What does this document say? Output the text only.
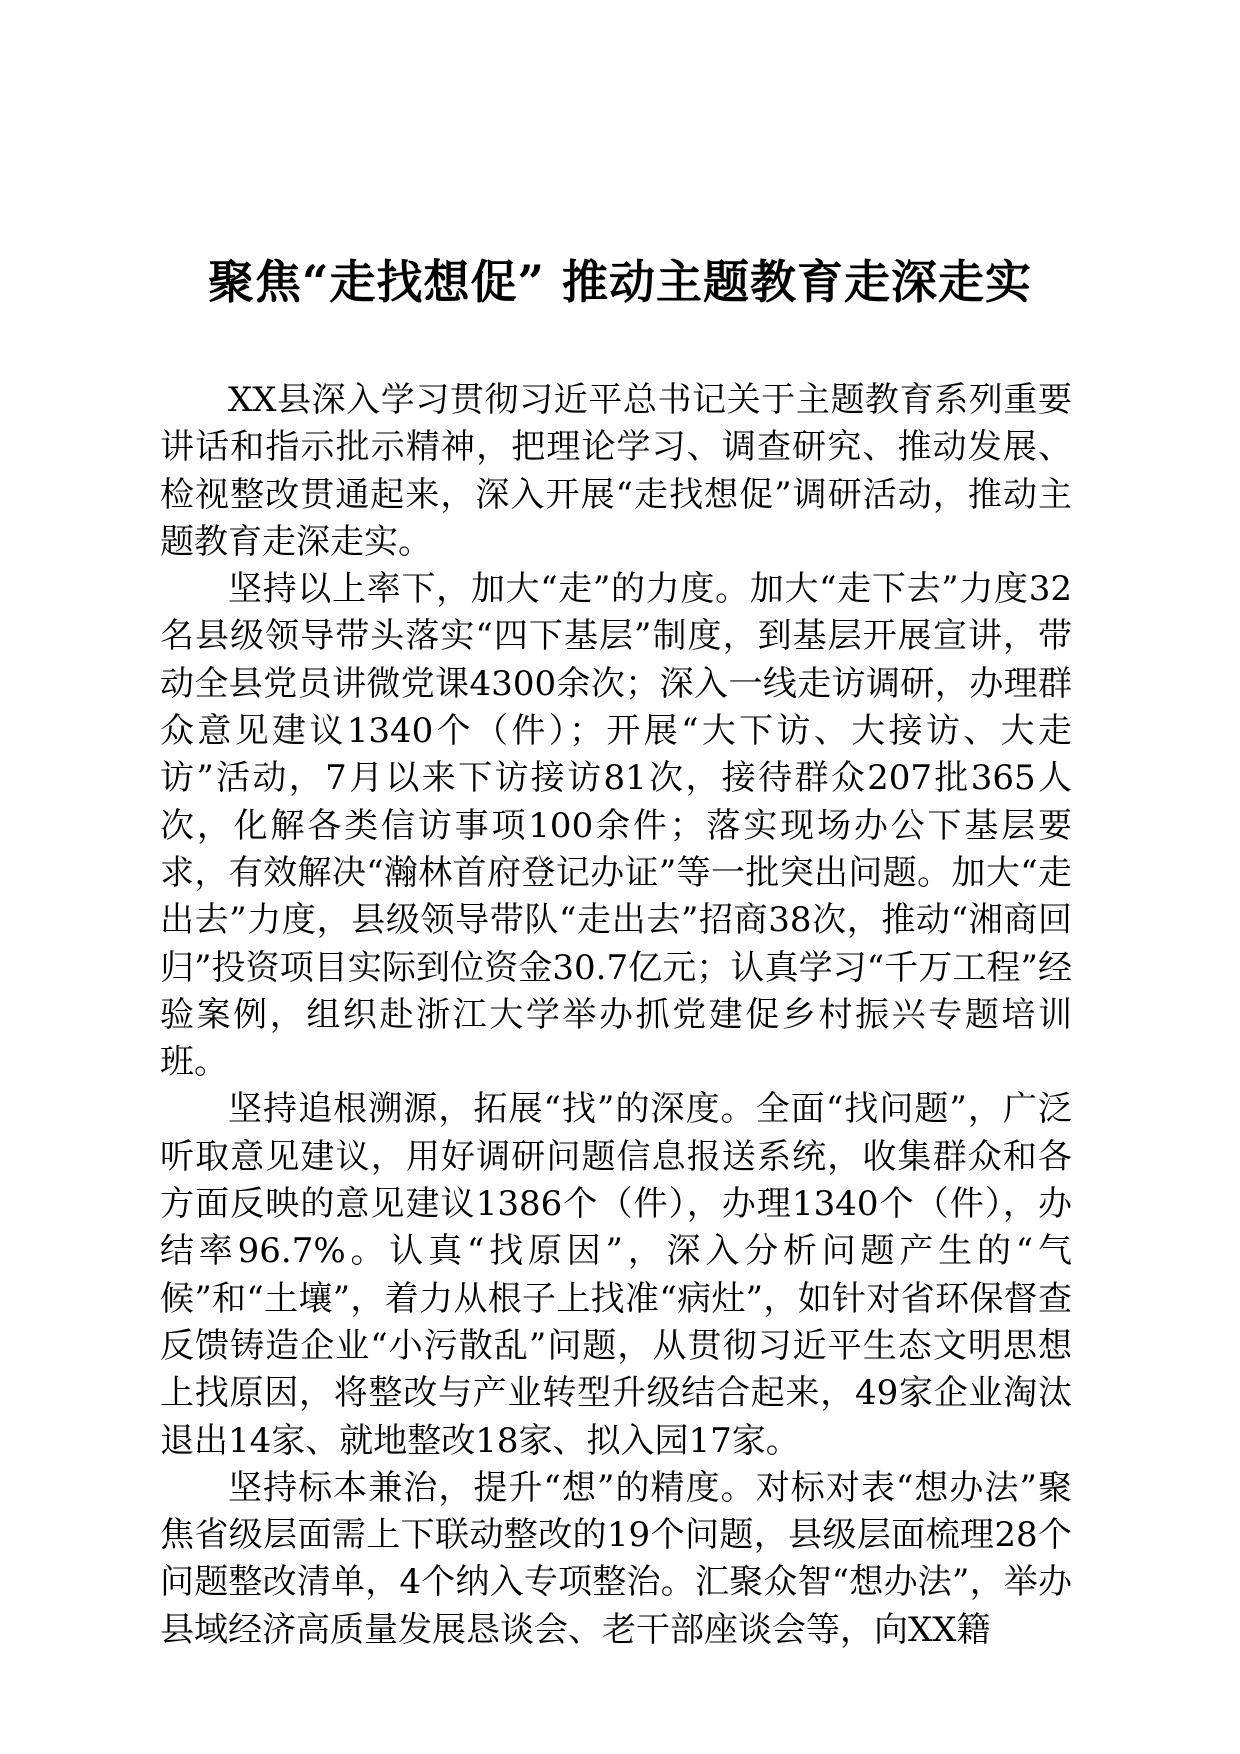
聚焦“走找想促” 推动主题教育走深走实

XX县深入学习贯彻习近平总书记关于主题教育系列重要讲话和指示批示精神，把理论学习、调查研究、推动发展、检视整改贯通起来，深入开展“走找想促”调研活动，推动主题教育走深走实。

坚持以上率下，加大“走”的力度。加大“走下去”力度32名县级领导带头落实“四下基层”制度，到基层开展宣讲，带动全县党员讲微党课4300余次；深入一线走访调研，办理群众意见建议1340个（件）；开展“大下访、大接访、大走访”活动，7月以来下访接访81次，接待群众207批365人次，化解各类信访事项100余件；落实现场办公下基层要求，有效解决“瀚林首府登记办证”等一批突出问题。加大“走出去”力度，县级领导带队“走出去”招商38次，推动“湘商回归”投资项目实际到位资金30.7亿元；认真学习“千万工程”经验案例，组织赴浙江大学举办抓党建促乡村振兴专题培训班。

坚持追根溯源，拓展“找”的深度。全面“找问题”，广泛听取意见建议，用好调研问题信息报送系统，收集群众和各方面反映的意见建议1386个（件），办理1340个（件），办结率96.7%。认真“找原因”，深入分析问题产生的“气候”和“土壤”，着力从根子上找准“病灶”，如针对省环保督查反馈铸造企业“小污散乱”问题，从贯彻习近平生态文明思想上找原因，将整改与产业转型升级结合起来，49家企业淘汰退出14家、就地整改18家、拟入园17家。

坚持标本兼治，提升“想”的精度。对标对表“想办法”聚焦省级层面需上下联动整改的19个问题，县级层面梳理28个问题整改清单，4个纳入专项整治。汇聚众智“想办法”，举办县域经济高质量发展恳谈会、老干部座谈会等，向XX籍
